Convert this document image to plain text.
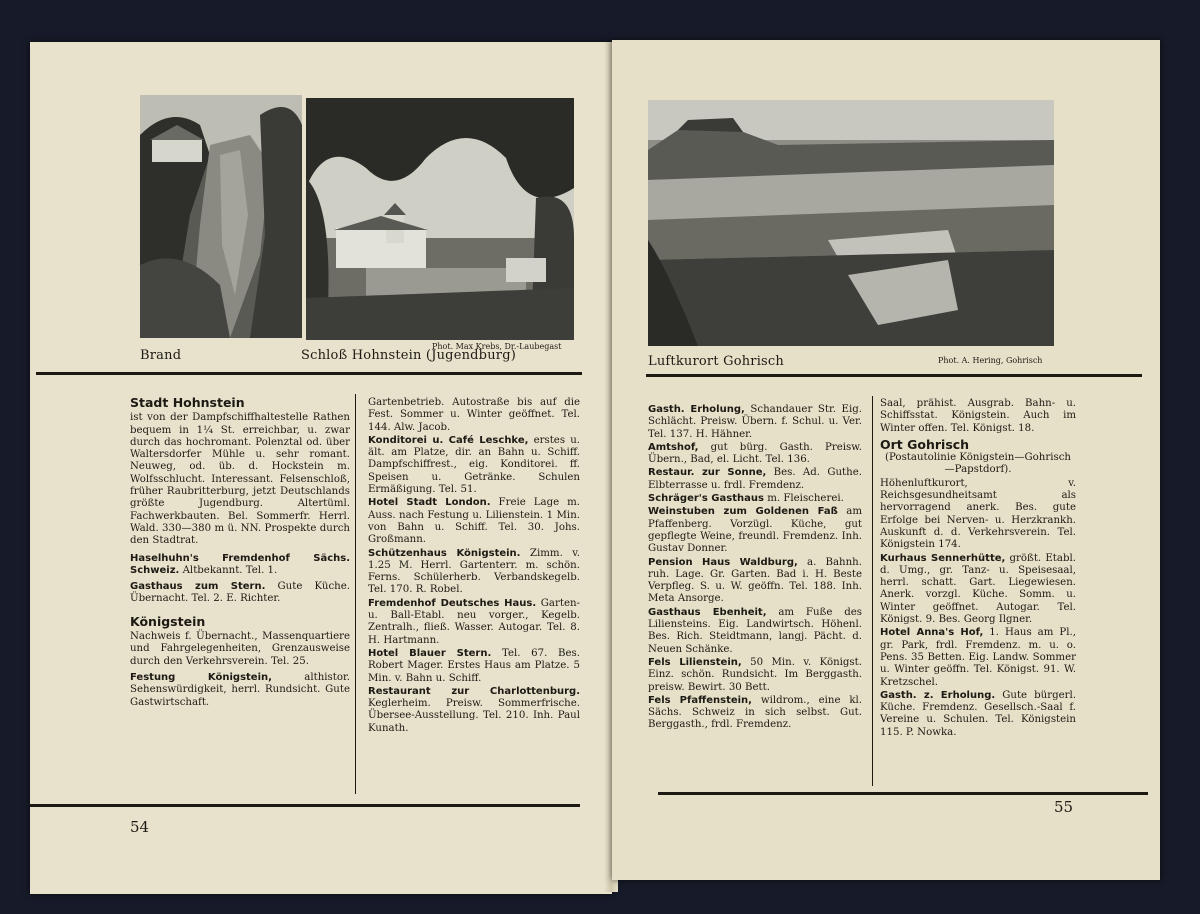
Brand
Phot. Max Krebs, Dr.-Laubegast
Schloß Hohnstein (Jugendburg)
Stadt Hohnstein

ist von der Dampfschiffhaltestelle Rathen bequem in 1¼ St. erreichbar, u. zwar durch das hochromant. Polenztal od. über Waltersdorfer Mühle u. sehr romant. Neuweg, od. üb. d. Hockstein m. Wolfsschlucht. Interessant. Felsenschloß, früher Raubritterburg, jetzt Deutschlands größte Jugendburg. Altertüml. Fachwerkbauten. Bel. Sommerfr. Herrl. Wald. 330—380 m ü. NN. Prospekte durch den Stadtrat.

Haselhuhn's Fremdenhof Sächs. Schweiz. Altbekannt. Tel. 1.

Gasthaus zum Stern. Gute Küche. Übernacht. Tel. 2. E. Richter.

Königstein

Nachweis f. Übernacht., Massenquartiere und Fahrgelegenheiten, Grenzausweise durch den Verkehrsverein. Tel. 25.

Festung Königstein,	althistor. Sehenswürdigkeit, herrl. Rundsicht. Gute Gastwirtschaft.

Gartenbetrieb. Autostraße bis auf die Fest. Sommer u. Winter geöffnet. Tel. 144. Alw. Jacob.

Konditorei u. Café Leschke, erstes u. ält. am Platze, dir. an Bahn u. Schiff. Dampfschiffrest., eig. Konditorei. ff. Speisen u. Getränke. Schulen Ermäßigung. Tel. 51.

Hotel Stadt London. Freie Lage m. Auss. nach Festung u. Lilienstein. 1 Min. von Bahn u. Schiff. Tel. 30. Johs. Großmann.

Schützenhaus Königstein. Zimm. v. 1.25 M. Herrl. Gartenterr. m. schön. Ferns. Schülerherb. Verbandskegelb. Tel. 170. R. Robel.

Fremdenhof Deutsches Haus. Garten- u. Ball-Etabl. neu vorger., Kegelb. Zentralh., fließ. Wasser. Autogar. Tel. 8. H. Hartmann.

Hotel Blauer Stern. Tel. 67. Bes. Robert Mager. Erstes Haus am Platze. 5 Min. v. Bahn u. Schiff.

Restaurant zur Charlottenburg. Keglerheim. Preisw. Sommerfrische. Übersee-Ausstellung. Tel. 210. Inh. Paul Kunath.

54
Luftkurort Gohrisch	Phot. A. Hering, Gohrisch

Gasth. Erholung, Schandauer Str. Eig. Schlächt. Preisw. Übern. f. Schul. u. Ver. Tel. 137. H. Hähner.

Amtshof, gut bürg. Gasth. Preisw. Übern., Bad, el. Licht. Tel. 136.

Restaur. zur Sonne, Bes. Ad. Guthe. Elbterrasse u. frdl. Fremdenz.

Schräger's Gasthaus m. Fleischerei.

Weinstuben zum Goldenen Faß am Pfaffenberg. Vorzügl. Küche, gut gepflegte Weine, freundl. Fremdenz. Inh. Gustav Donner.

Pension Haus Waldburg, a. Bahnh. ruh. Lage. Gr. Garten. Bad i. H. Beste Verpfleg. S. u. W. geöffn. Tel. 188. Inh. Meta Ansorge.

Gasthaus Ebenheit, am Fuße des Liliensteins. Eig. Landwirtsch. Höhenl. Bes. Rich. Steidtmann, langj. Pächt. d. Neuen Schänke.

Fels Lilienstein, 50 Min. v. Königst. Einz. schön. Rundsicht. Im Berggasth. preisw. Bewirt. 30 Bett.

Fels Pfaffenstein, wildrom., eine kl. Sächs. Schweiz in sich selbst. Gut. Berggasth., frdl. Fremdenz.

Saal, prähist. Ausgrab. Bahn- u. Schiffsstat. Königstein. Auch im Winter offen. Tel. Königst. 18.

Ort Gohrisch

(Postautolinie Königstein—Gohrisch—Papstdorf).

Höhenluftkurort, v. Reichsgesundheitsamt als hervorragend anerk. Bes. gute Erfolge bei Nerven- u. Herzkrankh. Auskunft d. d. Verkehrsverein. Tel. Königstein 174.

Kurhaus Sennerhütte, größt. Etabl. d. Umg., gr. Tanz- u. Speisesaal, herrl. schatt. Gart. Liegewiesen. Anerk. vorzgl. Küche. Somm. u. Winter geöffnet. Autogar. Tel. Königst. 9. Bes. Georg Ilgner.

Hotel Anna's Hof, 1. Haus am Pl., gr. Park, frdl. Fremdenz. m. u. o. Pens. 35 Betten. Eig. Landw. Sommer u. Winter geöffn. Tel. Königst. 91. W. Kretzschel.

Gasth. z. Erholung. Gute bürgerl. Küche. Fremdenz. Gesellsch.-Saal f. Vereine u. Schulen. Tel. Königstein 115. P. Nowka.

55
